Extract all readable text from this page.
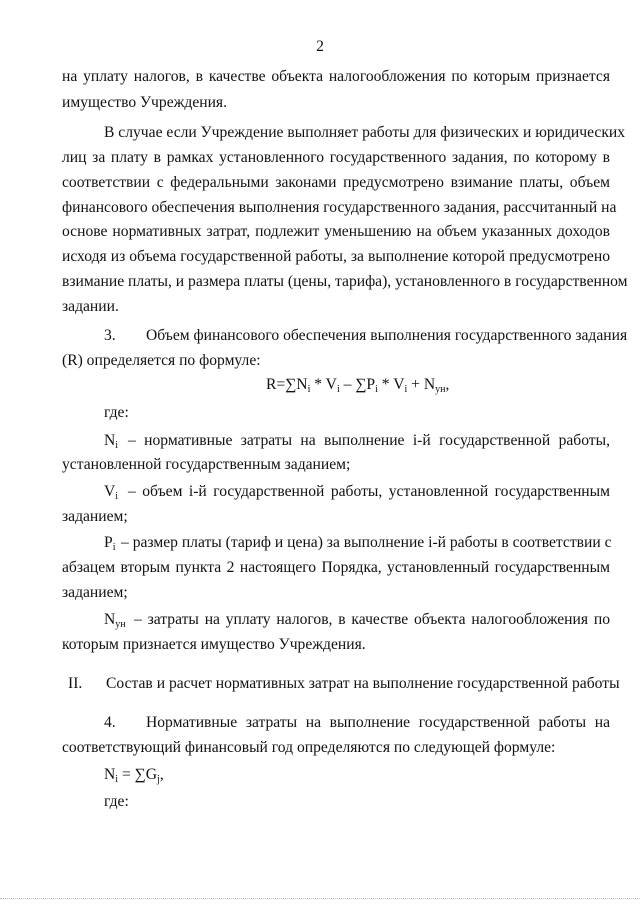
2
на уплату налогов, в качестве объекта налогообложения по которым признается
имущество Учреждения.
В случае если Учреждение выполняет работы для физических и юридических
лиц за плату в рамках установленного государственного задания, по которому в
соответствии с федеральными законами предусмотрено взимание платы, объем
финансового обеспечения выполнения государственного задания, рассчитанный на
основе нормативных затрат, подлежит уменьшению на объем указанных доходов
исходя из объема государственной работы, за выполнение которой предусмотрено
взимание платы, и размера платы (цены, тарифа), установленного в государственном
задании.
3. Объем финансового обеспечения выполнения государственного задания
(R) определяется по формуле:
$R=\sum N_i * V_i - \sum P_i * V_i + N_{ун}$,
где:
$N_i$ – нормативные затраты на выполнение i-й государственной работы,
установленной государственным заданием;
$V_i$ – объем i-й государственной работы, установленной государственным
заданием;
$P_i$ – размер платы (тариф и цена) за выполнение i-й работы в соответствии с
абзацем вторым пункта 2 настоящего Порядка, установленный государственным
заданием;
$N_{ун}$ – затраты на уплату налогов, в качестве объекта налогообложения по
которым признается имущество Учреждения.
II. Состав и расчет нормативных затрат на выполнение государственной работы
4. Нормативные затраты на выполнение государственной работы на
соответствующий финансовый год определяются по следующей формуле:
$N_i = \sum G_j$,
где:
